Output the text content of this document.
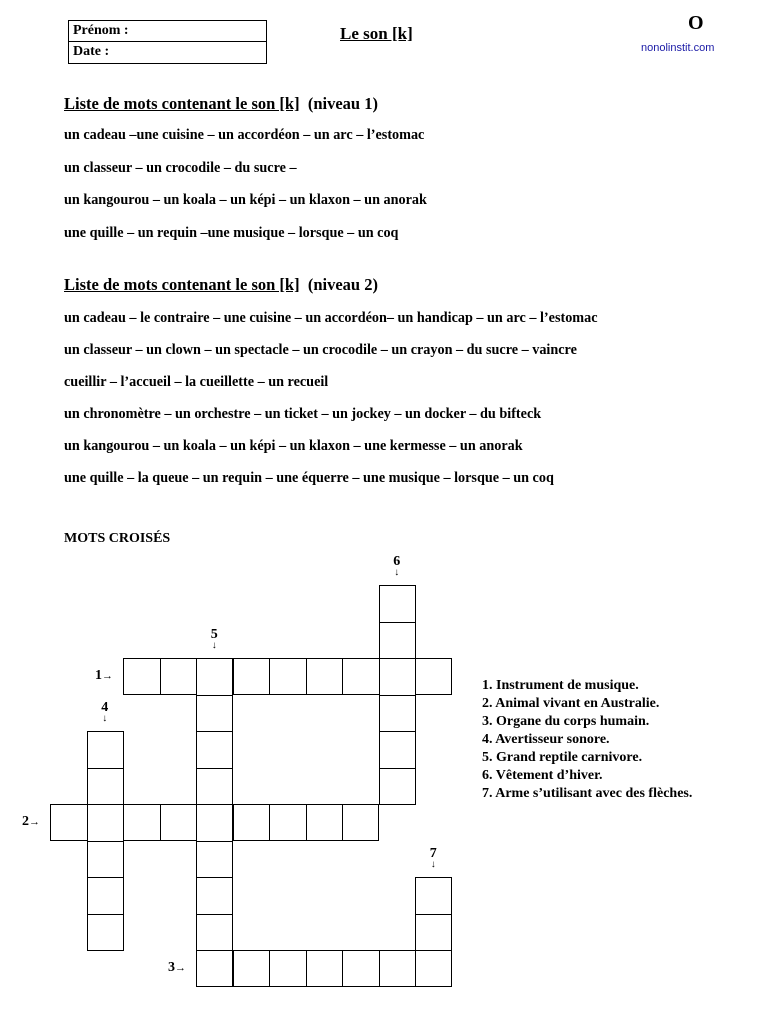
Prénom :
Date :
Le son [k]	O
nonolinstit.com
Liste de mots contenant le son [k] (niveau 1)
un cadeau –une cuisine – un accordéon – un arc – l’estomac
un classeur – un crocodile – du sucre –
un kangourou – un koala – un képi – un klaxon – un anorak
une quille – un requin –une musique – lorsque – un coq
Liste de mots contenant le son [k] (niveau 2)
un cadeau – le contraire – une cuisine – un accordéon– un handicap – un arc – l’estomac
un classeur – un clown – un spectacle – un crocodile – un crayon – du sucre – vaincre
cueillir – l’accueil – la cueillette – un recueil
un chronomètre – un orchestre – un ticket – un jockey – un docker – du bifteck
un kangourou – un koala – un képi – un klaxon – une kermesse – un anorak
une quille – la queue – un requin – une équerre – une musique – lorsque – un coq
MOTS CROISÉS
1→
2→
3→
4
↓
5
↓
6
↓
7
↓
1. Instrument de musique.
2. Animal vivant en Australie.
3. Organe du corps humain.
4. Avertisseur sonore.
5. Grand reptile carnivore.
6. Vêtement d’hiver.
7. Arme s’utilisant avec des flèches.
